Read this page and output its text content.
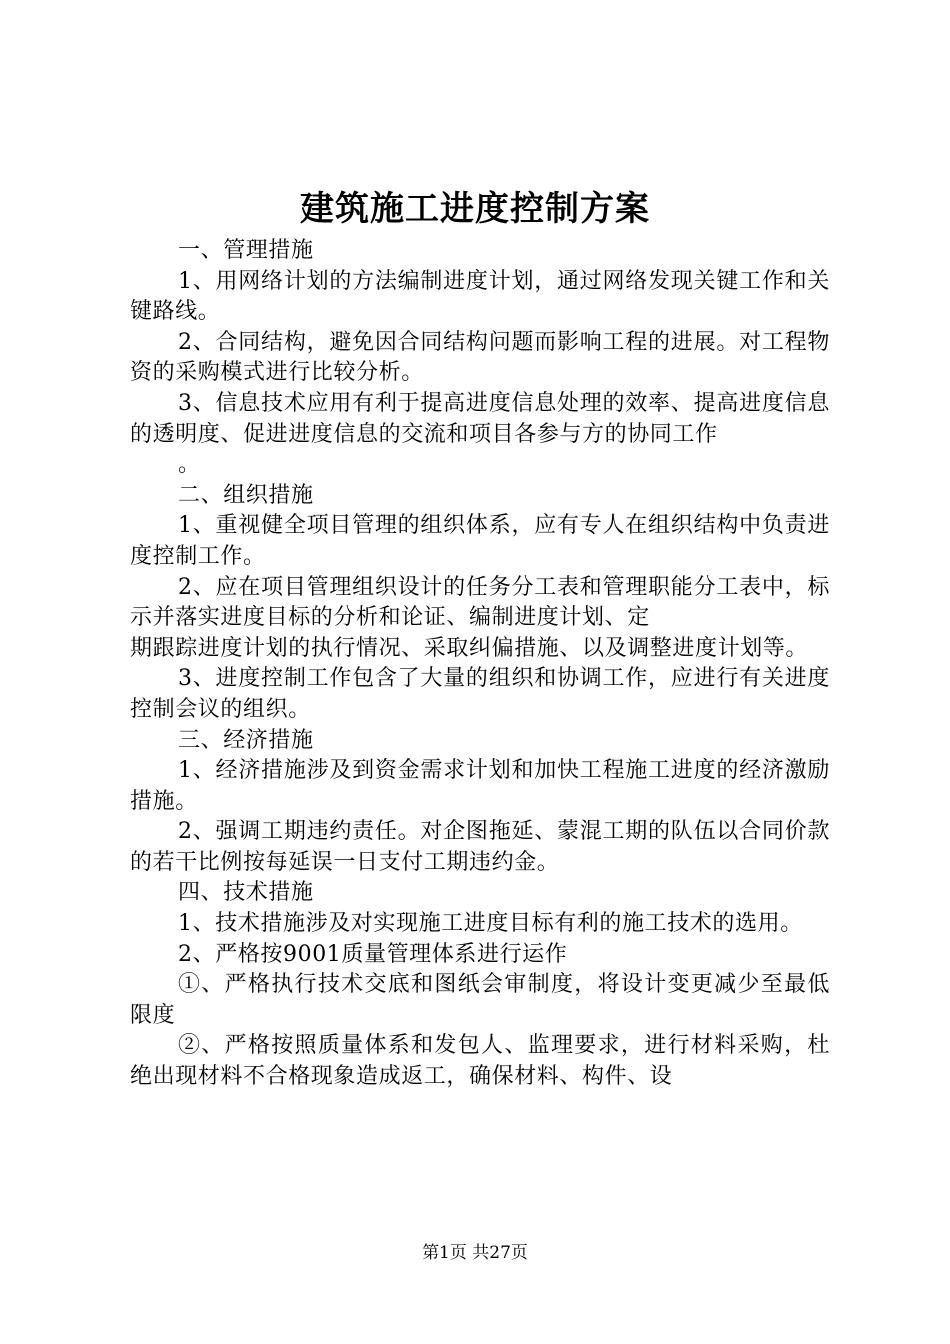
建筑施工进度控制方案

一、管理措施

1、用网络计划的方法编制进度计划，通过网络发现关键工作和关键路线。

2、合同结构，避免因合同结构问题而影响工程的进展。对工程物资的采购模式进行比较分析。

3、信息技术应用有利于提高进度信息处理的效率、提高进度信息的透明度、促进进度信息的交流和项目各参与方的协同工作

。

二、组织措施

1、重视健全项目管理的组织体系，应有专人在组织结构中负责进度控制工作。

2、应在项目管理组织设计的任务分工表和管理职能分工表中，标示并落实进度目标的分析和论证、编制进度计划、定

期跟踪进度计划的执行情况、采取纠偏措施、以及调整进度计划等。

3、进度控制工作包含了大量的组织和协调工作，应进行有关进度控制会议的组织。

三、经济措施

1、经济措施涉及到资金需求计划和加快工程施工进度的经济激励措施。

2、强调工期违约责任。对企图拖延、蒙混工期的队伍以合同价款的若干比例按每延误一日支付工期违约金。

四、技术措施

1、技术措施涉及对实现施工进度目标有利的施工技术的选用。

2、严格按9001质量管理体系进行运作

①、严格执行技术交底和图纸会审制度，将设计变更减少至最低限度

②、严格按照质量体系和发包人、监理要求，进行材料采购，杜绝出现材料不合格现象造成返工，确保材料、构件、设

第1页 共27页
